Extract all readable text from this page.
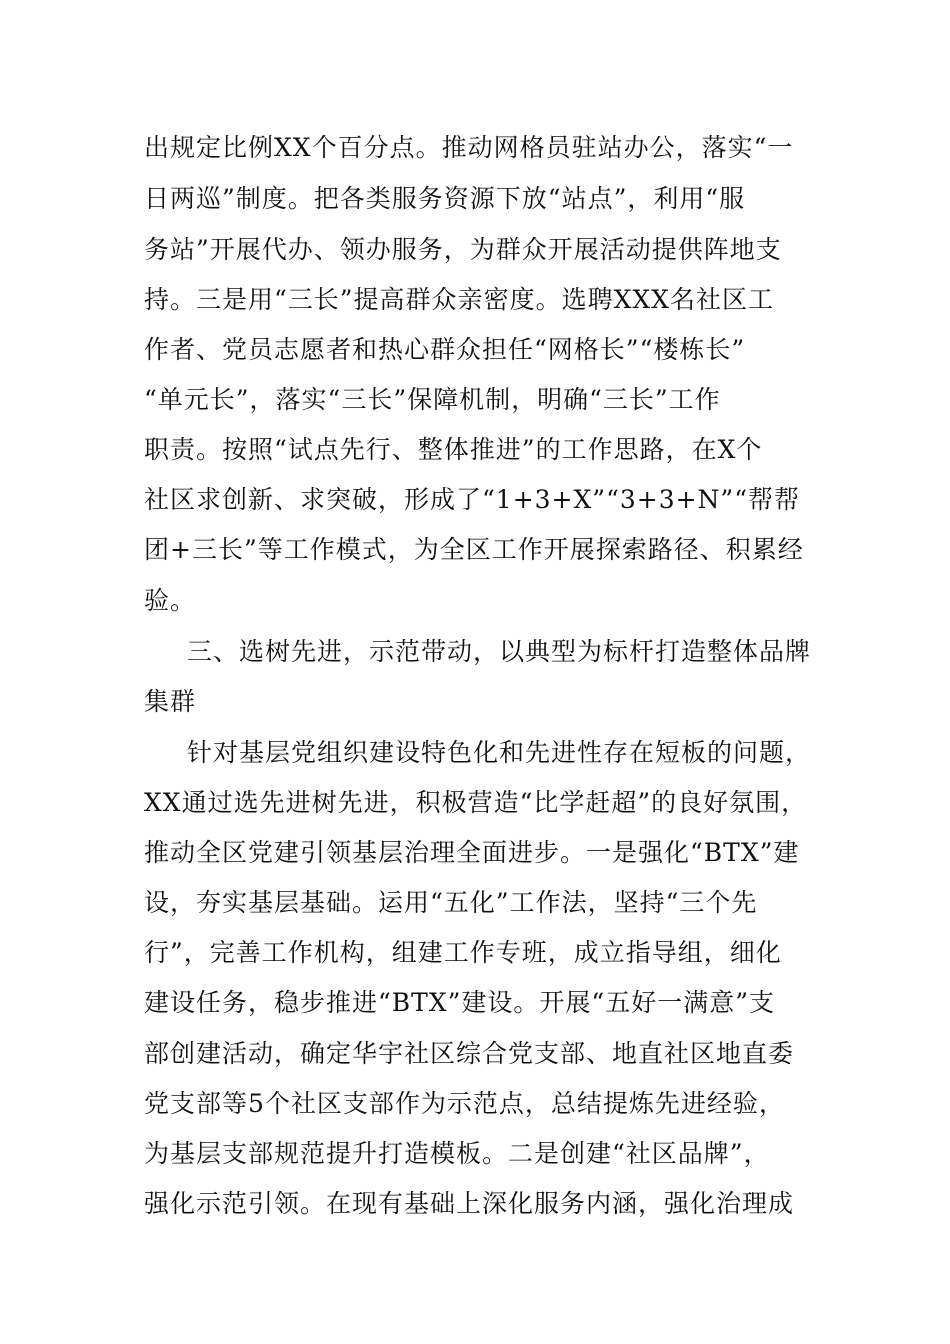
出规定比例XX个百分点。推动网格员驻站办公，落实“一
日两巡”制度。把各类服务资源下放“站点”，利用“服
务站”开展代办、领办服务，为群众开展活动提供阵地支
持。三是用“三长”提高群众亲密度。选聘XXX名社区工
作者、党员志愿者和热心群众担任“网格长”“楼栋长”
“单元长”，落实“三长”保障机制，明确“三长”工作
职责。按照“试点先行、整体推进”的工作思路，在X个
社区求创新、求突破，形成了“1+3+X”“3+3+N”“帮帮
团+三长”等工作模式，为全区工作开展探索路径、积累经
验。
三、选树先进，示范带动，以典型为标杆打造整体品牌
集群
针对基层党组织建设特色化和先进性存在短板的问题，
XX通过选先进树先进，积极营造“比学赶超”的良好氛围，
推动全区党建引领基层治理全面进步。一是强化“BTX”建
设，夯实基层基础。运用“五化”工作法，坚持“三个先
行”，完善工作机构，组建工作专班，成立指导组，细化
建设任务，稳步推进“BTX”建设。开展“五好一满意”支
部创建活动，确定华宇社区综合党支部、地直社区地直委
党支部等5个社区支部作为示范点，总结提炼先进经验，
为基层支部规范提升打造模板。二是创建“社区品牌”，
强化示范引领。在现有基础上深化服务内涵，强化治理成
